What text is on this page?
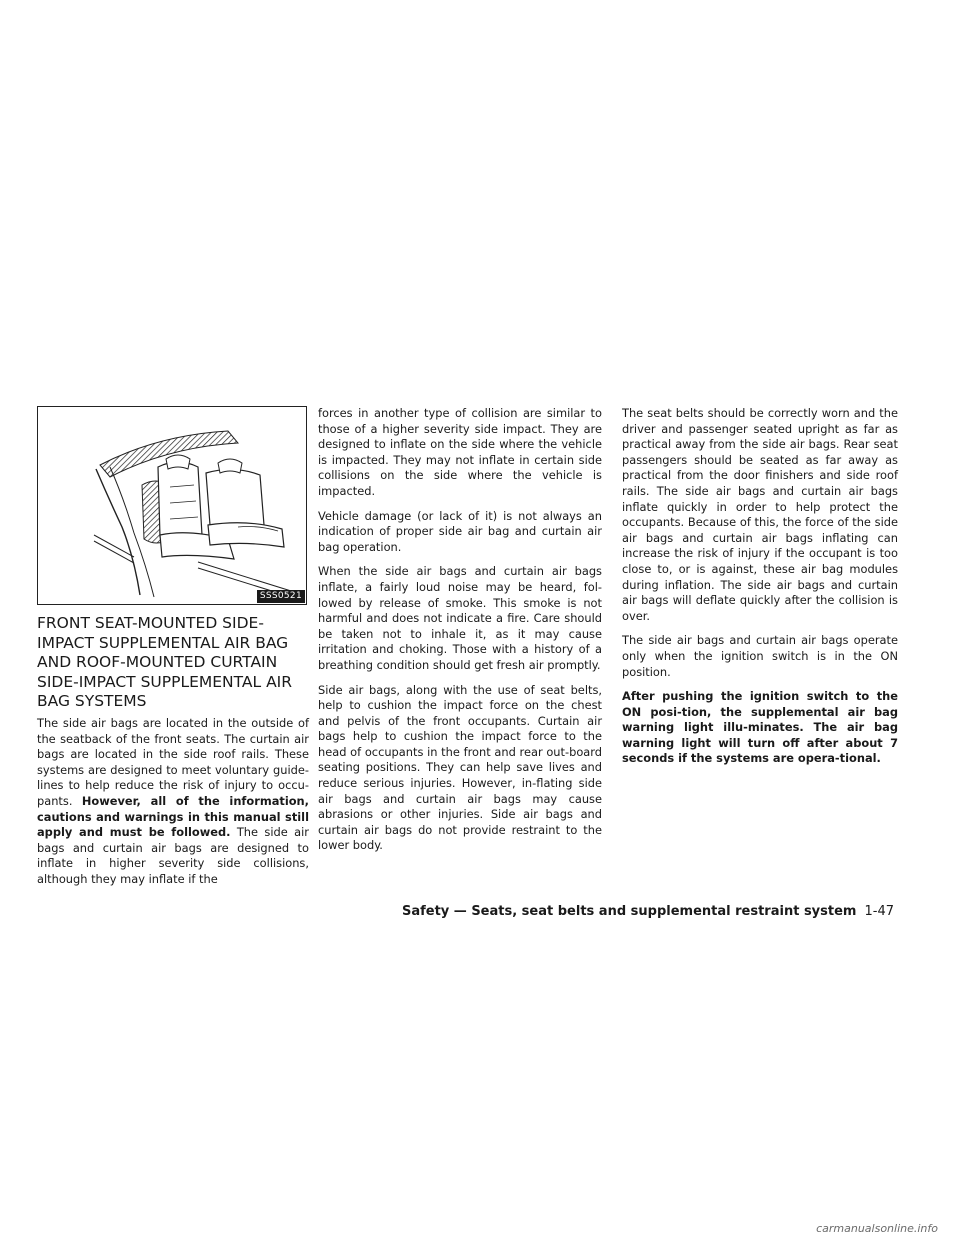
SSS0521
FRONT SEAT-MOUNTED SIDE-IMPACT SUPPLEMENTAL AIR BAG AND ROOF-MOUNTED CURTAIN SIDE-IMPACT SUPPLEMENTAL AIR BAG SYSTEMS

The side air bags are located in the outside of the seatback of the front seats. The curtain air bags are located in the side roof rails. These systems are designed to meet voluntary guide-lines to help reduce the risk of injury to occu-pants. However, all of the information, cautions and warnings in this manual still apply and must be followed. The side air bags and curtain air bags are designed to inflate in higher severity side collisions, although they may inflate if the

forces in another type of collision are similar to those of a higher severity side impact. They are designed to inflate on the side where the vehicle is impacted. They may not inflate in certain side collisions on the side where the vehicle is impacted.

Vehicle damage (or lack of it) is not always an indication of proper side air bag and curtain air bag operation.

When the side air bags and curtain air bags inflate, a fairly loud noise may be heard, fol-lowed by release of smoke. This smoke is not harmful and does not indicate a fire. Care should be taken not to inhale it, as it may cause irritation and choking. Those with a history of a breathing condition should get fresh air promptly.

Side air bags, along with the use of seat belts, help to cushion the impact force on the chest and pelvis of the front occupants. Curtain air bags help to cushion the impact force to the head of occupants in the front and rear out-board seating positions. They can help save lives and reduce serious injuries. However, in-flating side air bags and curtain air bags may cause abrasions or other injuries. Side air bags and curtain air bags do not provide restraint to the lower body.

The seat belts should be correctly worn and the driver and passenger seated upright as far as practical away from the side air bags. Rear seat passengers should be seated as far away as practical from the door finishers and side roof rails. The side air bags and curtain air bags inflate quickly in order to help protect the occupants. Because of this, the force of the side air bags and curtain air bags inflating can increase the risk of injury if the occupant is too close to, or is against, these air bag modules during inflation. The side air bags and curtain air bags will deflate quickly after the collision is over.

The side air bags and curtain air bags operate only when the ignition switch is in the ON position.

After pushing the ignition switch to the ON posi-tion, the supplemental air bag warning light illu-minates. The air bag warning light will turn off after about 7 seconds if the systems are opera-tional.

Safety — Seats, seat belts and supplemental restraint system 1-47
carmanualsonline.info
